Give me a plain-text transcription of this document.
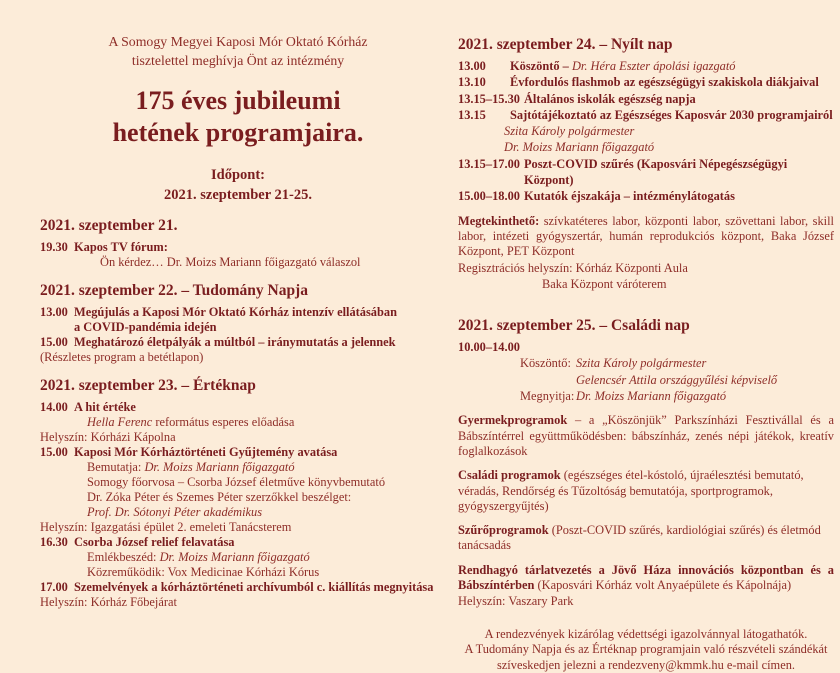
A Somogy Megyei Kaposi Mór Oktató Kórház
tisztelettel meghívja Önt az intézmény
175 éves jubileumi
hetének programjaira.
Időpont:
2021. szeptember 21-25.
2021. szeptember 21.
19.30 Kapos TV fórum:
Ön kérdez… Dr. Moizs Mariann főigazgató válaszol
2021. szeptember 22. – Tudomány Napja
13.00 Megújulás a Kaposi Mór Oktató Kórház intenzív ellátásában
a COVID-pandémia idején
15.00 Meghatározó életpályák a múltból – iránymutatás a jelennek
(Részletes program a betétlapon)
2021. szeptember 23. – Értéknap
14.00 A hit értéke
Hella Ferenc református esperes előadása
Helyszín: Kórházi Kápolna
15.00 Kaposi Mór Kórháztörténeti Gyűjtemény avatása
Bemutatja: Dr. Moizs Mariann főigazgató
Somogy főorvosa – Csorba József életműve könyvbemutató
Dr. Zóka Péter és Szemes Péter szerzőkkel beszélget:
Prof. Dr. Sótonyi Péter akadémikus
Helyszín: Igazgatási épület 2. emeleti Tanácsterem
16.30 Csorba József relief felavatása
Emlékbeszéd: Dr. Moizs Mariann főigazgató
Közreműködik: Vox Medicinae Kórházi Kórus
17.00 Szemelvények a kórháztörténeti archívumból c. kiállítás megnyitása
Helyszín: Kórház Főbejárat
2021. szeptember 24. – Nyílt nap
13.00	Köszöntő – Dr. Héra Eszter ápolási igazgató
13.10	Évfordulós flashmob az egészségügyi szakiskola diákjaival
13.15–15.30 Általános iskolák egészség napja
13.15	Sajtótájékoztató az Egészséges Kaposvár 2030 programjairól
Szita Károly polgármester
Dr. Moizs Mariann főigazgató
13.15–17.00 Poszt-COVID szűrés (Kaposvári Népegészségügyi Központ)
15.00–18.00 Kutatók éjszakája – intézménylátogatás
Megtekinthető: szívkatéteres labor, központi labor, szövettani labor, skill labor, intézeti gyógyszertár, humán reprodukciós központ, Baka József Központ, PET Központ
Regisztrációs helyszín: Kórház Központi Aula
Baka Központ váróterem
2021. szeptember 25. – Családi nap
10.00–14.00
Köszöntő: Szita Károly polgármester
Gelencsér Attila országgyűlési képviselő
Megnyitja: Dr. Moizs Mariann főigazgató
Gyermekprogramok – a „Köszönjük” Parkszínházi Fesztivállal és a Bábszíntérrel együttműködésben: bábszínház, zenés népi játékok, kreatív foglalkozások
Családi programok (egészséges étel-kóstoló, újraélesztési bemutató, véradás, Rendőrség és Tűzoltóság bemutatója, sportprogramok, gyógyszergyűjtés)
Szűrőprogramok (Poszt-COVID szűrés, kardiológiai szűrés) és életmód tanácsadás
Rendhagyó tárlatvezetés a Jövő Háza innovációs központban és a Bábszíntérben (Kaposvári Kórház volt Anyaépülete és Kápolnája)
Helyszín: Vaszary Park
A rendezvények kizárólag védettségi igazolvánnyal látogathatók.
A Tudomány Napja és az Értéknap programjain való részvételi szándékát
szíveskedjen jelezni a rendezveny@kmmk.hu e-mail címen.
